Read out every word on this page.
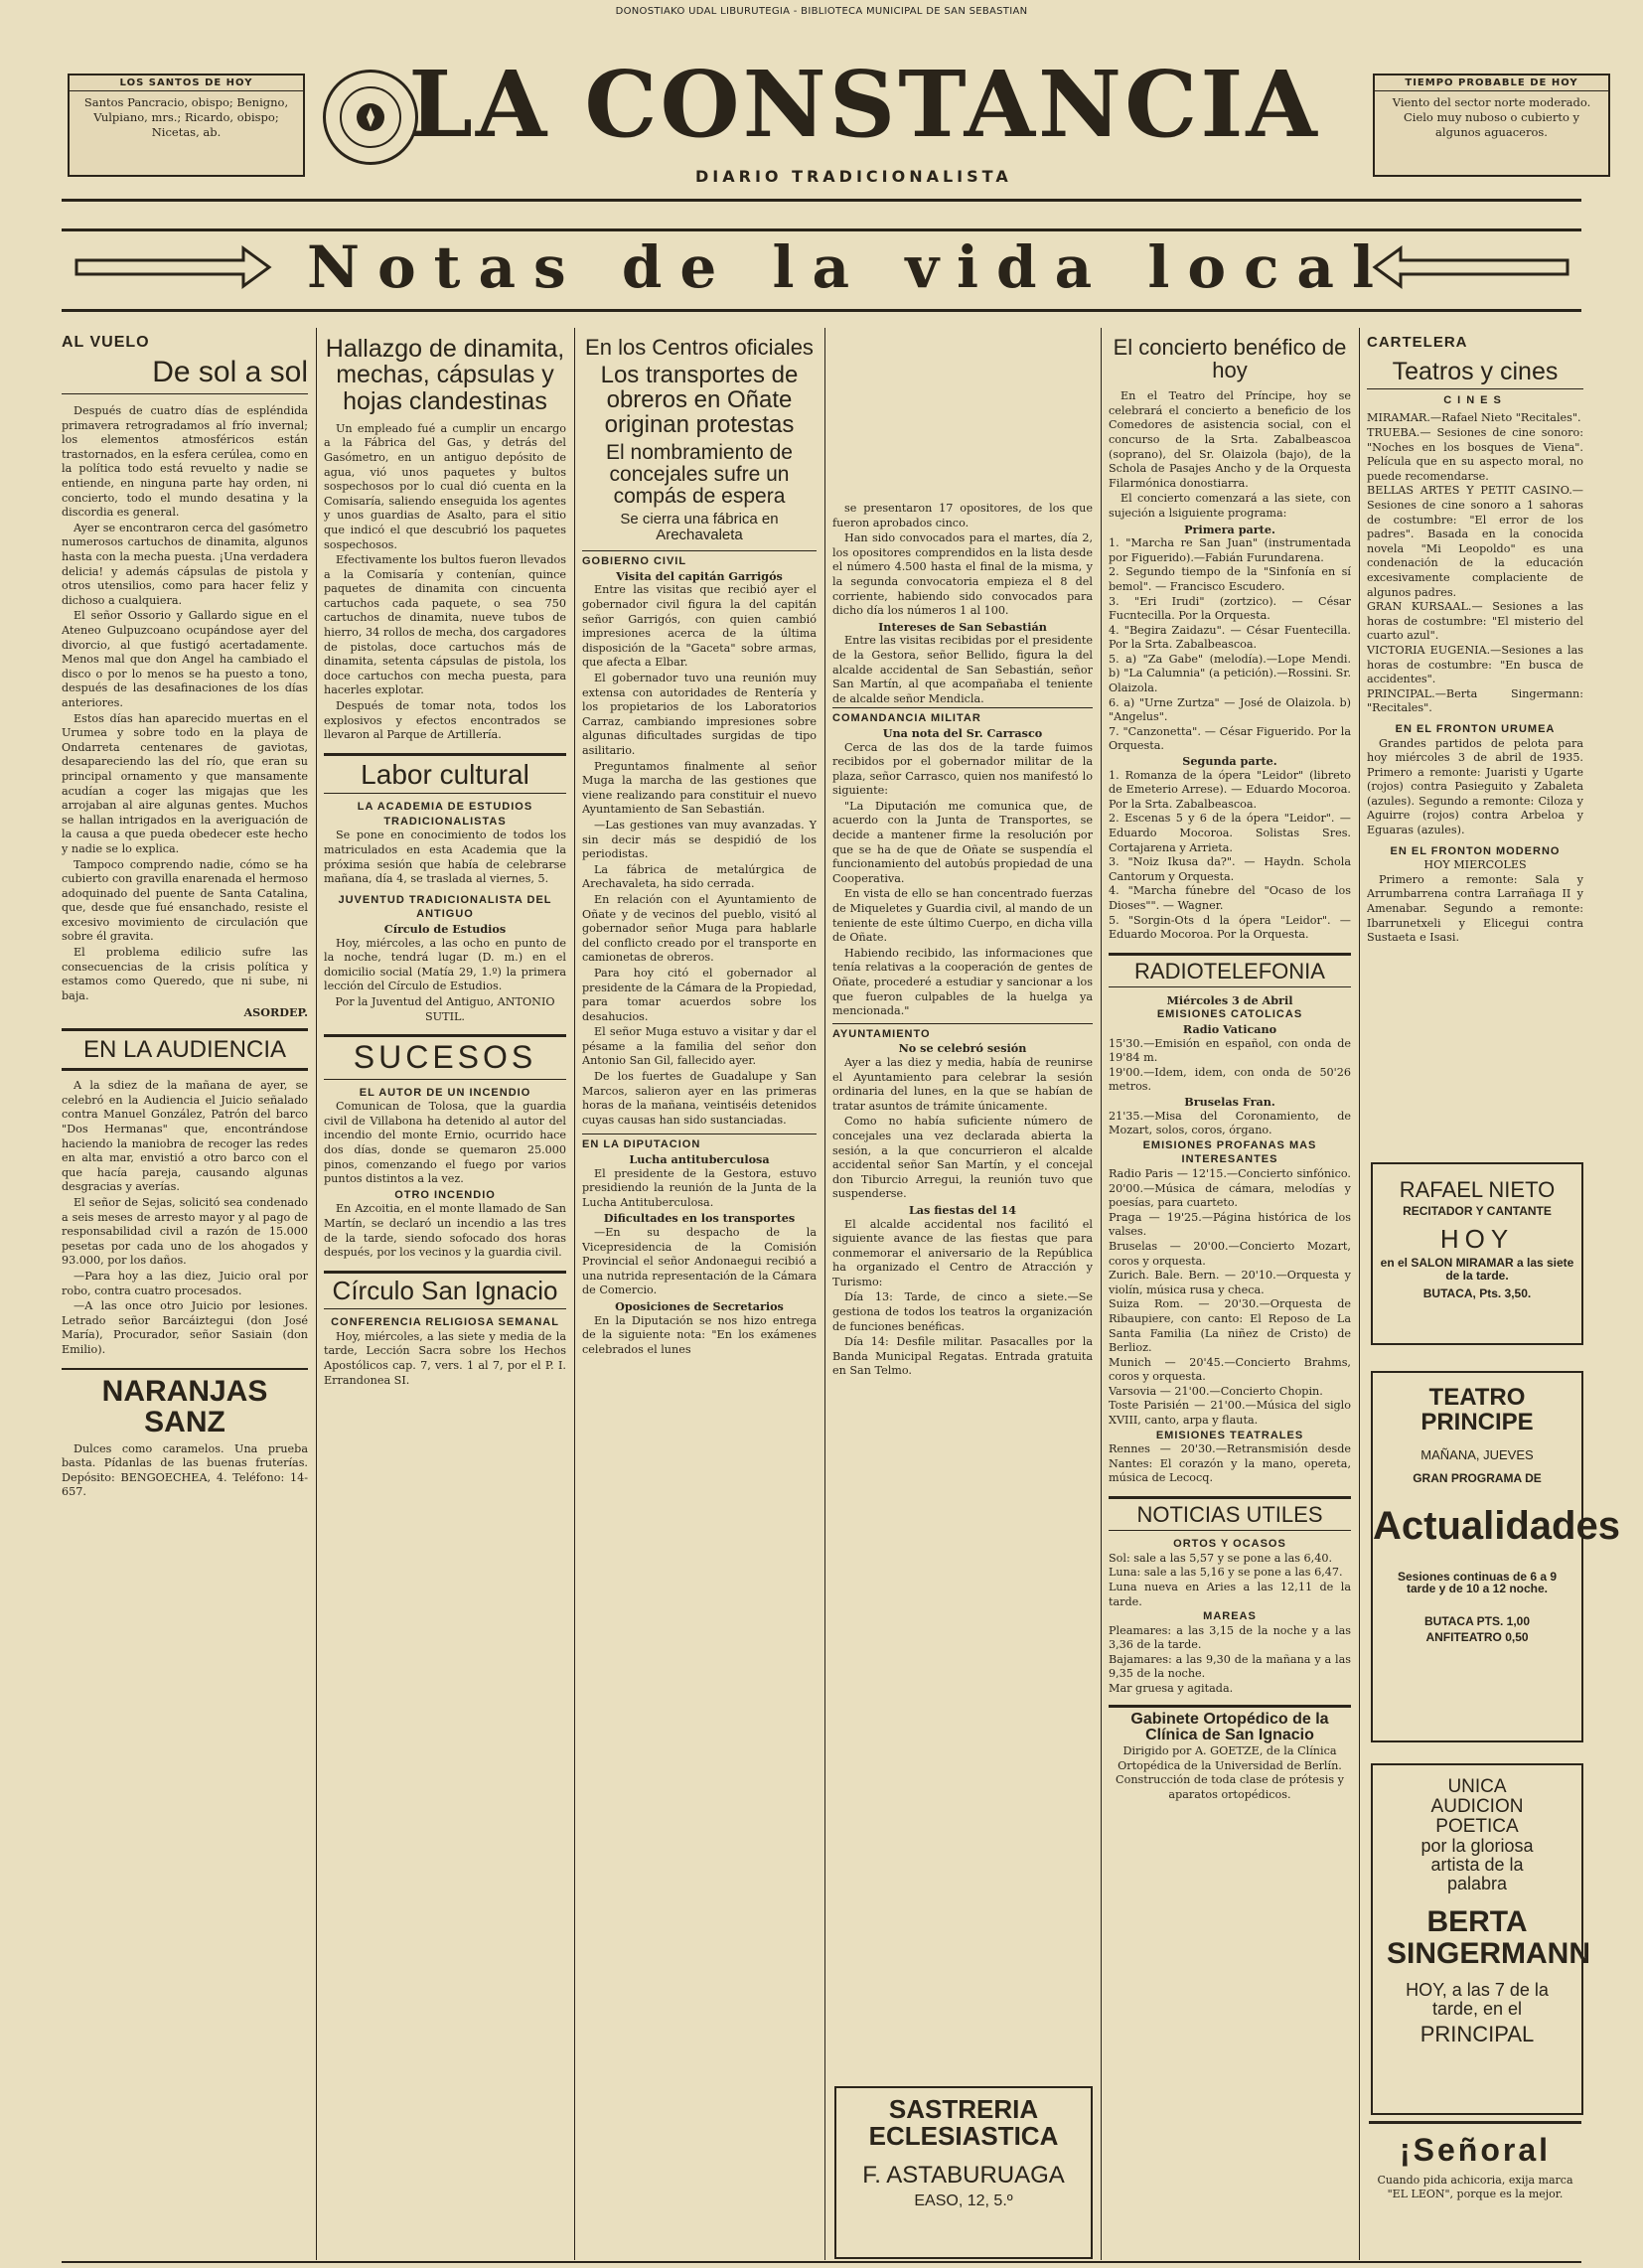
DONOSTIAKO UDAL LIBURUTEGIA - BIBLIOTECA MUNICIPAL DE SAN SEBASTIAN
LOS SANTOS DE HOY
Santos Pancracio, obispo; Benigno, Vulpiano, mrs.; Ricardo, obispo; Nicetas, ab.
TIEMPO PROBABLE DE HOY
Viento del sector norte moderado. Cielo muy nuboso o cubierto y algunos aguaceros.
LA CONSTANCIA
DIARIO TRADICIONALISTA
Notas de la vida local
AL VUELO
De sol a sol

Después de cuatro días de espléndida primavera retrogradamos al frío invernal; los elementos atmosféricos están trastornados, en la esfera cerúlea, como en la política todo está revuelto y nadie se entiende, en ninguna parte hay orden, ni concierto, todo el mundo desatina y la discordia es general.

Ayer se encontraron cerca del gasómetro numerosos cartuchos de dinamita, algunos hasta con la mecha puesta. ¡Una verdadera delicia! y además cápsulas de pistola y otros utensilios, como para hacer feliz y dichoso a cualquiera.

El señor Ossorio y Gallardo sigue en el Ateneo Gulpuzcoano ocupándose ayer del divorcio, al que fustigó acertadamente. Menos mal que don Angel ha cambiado el disco o por lo menos se ha puesto a tono, después de las desafinaciones de los días anteriores.

Estos días han aparecido muertas en el Urumea y sobre todo en la playa de Ondarreta centenares de gaviotas, desapareciendo las del río, que eran su principal ornamento y que mansamente acudían a coger las migajas que les arrojaban al aire algunas gentes. Muchos se hallan intrigados en la averiguación de la causa a que pueda obedecer este hecho y nadie se lo explica.

Tampoco comprendo nadie, cómo se ha cubierto con gravilla enarenada el hermoso adoquinado del puente de Santa Catalina, que, desde que fué ensanchado, resiste el excesivo movimiento de circulación que sobre él gravita.

El problema edilicio sufre las consecuencias de la crisis política y estamos como Queredo, que ni sube, ni baja.

ASORDEP.
EN LA AUDIENCIA

A la sdiez de la mañana de ayer, se celebró en la Audiencia el Juicio señalado contra Manuel González, Patrón del barco "Dos Hermanas" que, encontrándose haciendo la maniobra de recoger las redes en alta mar, envistió a otro barco con el que hacía pareja, causando algunas desgracias y averías.

El señor de Sejas, solicitó sea condenado a seis meses de arresto mayor y al pago de responsabilidad civil a razón de 15.000 pesetas por cada uno de los ahogados y 93.000, por los daños.

—Para hoy a las diez, Juicio oral por robo, contra cuatro procesados.

—A las once otro Juicio por lesiones. Letrado señor Barcáiztegui (don José María), Procurador, señor Sasiain (don Emilio).

NARANJAS SANZ

Dulces como caramelos. Una prueba basta. Pídanlas de las buenas fruterías. Depósito: BENGOECHEA, 4. Teléfono: 14-657.

Hallazgo de dinamita, mechas, cápsulas y hojas clandestinas

Un empleado fué a cumplir un encargo a la Fábrica del Gas, y detrás del Gasómetro, en un antiguo depósito de agua, vió unos paquetes y bultos sospechosos por lo cual dió cuenta en la Comisaría, saliendo enseguida los agentes y unos guardias de Asalto, para el sitio que indicó el que descubrió los paquetes sospechosos.

Efectivamente los bultos fueron llevados a la Comisaría y contenían, quince paquetes de dinamita con cincuenta cartuchos cada paquete, o sea 750 cartuchos de dinamita, nueve tubos de hierro, 34 rollos de mecha, dos cargadores de pistolas, doce cartuchos más de dinamita, setenta cápsulas de pistola, los doce cartuchos con mecha puesta, para hacerles explotar.

Después de tomar nota, todos los explosivos y efectos encontrados se llevaron al Parque de Artillería.

Labor cultural
LA ACADEMIA DE ESTUDIOS TRADICIONALISTAS

Se pone en conocimiento de todos los matriculados en esta Academia que la próxima sesión que había de celebrarse mañana, día 4, se traslada al viernes, 5.

JUVENTUD TRADICIONALISTA DEL ANTIGUO
Círculo de Estudios

Hoy, miércoles, a las ocho en punto de la noche, tendrá lugar (D. m.) en el domicilio social (Matía 29, 1.º) la primera lección del Círculo de Estudios.

Por la Juventud del Antiguo, ANTONIO SUTIL.
SUCESOS
EL AUTOR DE UN INCENDIO

Comunican de Tolosa, que la guardia civil de Villabona ha detenido al autor del incendio del monte Ernio, ocurrido hace dos días, donde se quemaron 25.000 pinos, comenzando el fuego por varios puntos distintos a la vez.

OTRO INCENDIO

En Azcoitia, en el monte llamado de San Martín, se declaró un incendio a las tres de la tarde, siendo sofocado dos horas después, por los vecinos y la guardia civil.

Círculo San Ignacio
CONFERENCIA RELIGIOSA SEMANAL

Hoy, miércoles, a las siete y media de la tarde, Lección Sacra sobre los Hechos Apostólicos cap. 7, vers. 1 al 7, por el P. I. Errandonea SI.

En los Centros oficiales
Los transportes de obreros en Oñate originan protestas
El nombramiento de concejales sufre un compás de espera
Se cierra una fábrica en Arechavaleta
GOBIERNO CIVIL
Visita del capitán Garrigós

Entre las visitas que recibió ayer el gobernador civil figura la del capitán señor Garrigós, con quien cambió impresiones acerca de la última disposición de la "Gaceta" sobre armas, que afecta a Elbar.

El gobernador tuvo una reunión muy extensa con autoridades de Rentería y los propietarios de los Laboratorios Carraz, cambiando impresiones sobre algunas dificultades surgidas de tipo asilitario.

Preguntamos finalmente al señor Muga la marcha de las gestiones que viene realizando para constituir el nuevo Ayuntamiento de San Sebastián.

—Las gestiones van muy avanzadas. Y sin decir más se despidió de los periodistas.

La fábrica de metalúrgica de Arechavaleta, ha sido cerrada.

En relación con el Ayuntamiento de Oñate y de vecinos del pueblo, visitó al gobernador señor Muga para hablarle del conflicto creado por el transporte en camionetas de obreros.

Para hoy citó el gobernador al presidente de la Cámara de la Propiedad, para tomar acuerdos sobre los desahucios.

El señor Muga estuvo a visitar y dar el pésame a la familia del señor don Antonio San Gil, fallecido ayer.

De los fuertes de Guadalupe y San Marcos, salieron ayer en las primeras horas de la mañana, veintiséis detenidos cuyas causas han sido sustanciadas.

EN LA DIPUTACION
Lucha antituberculosa

El presidente de la Gestora, estuvo presidiendo la reunión de la Junta de la Lucha Antituberculosa.

Dificultades en los transportes

—En su despacho de la Vicepresidencia de la Comisión Provincial el señor Andonaegui recibió a una nutrida representación de la Cámara de Comercio.

Oposiciones de Secretarios

En la Diputación se nos hizo entrega de la siguiente nota: "En los exámenes celebrados el lunes

se presentaron 17 opositores, de los que fueron aprobados cinco.

Han sido convocados para el martes, día 2, los opositores comprendidos en la lista desde el número 4.500 hasta el final de la misma, y la segunda convocatoria empieza el 8 del corriente, habiendo sido convocados para dicho día los números 1 al 100.

Intereses de San Sebastián

Entre las visitas recibidas por el presidente de la Gestora, señor Bellido, figura la del alcalde accidental de San Sebastián, señor San Martín, al que acompañaba el teniente de alcalde señor Mendicla.

COMANDANCIA MILITAR
Una nota del Sr. Carrasco

Cerca de las dos de la tarde fuimos recibidos por el gobernador militar de la plaza, señor Carrasco, quien nos manifestó lo siguiente:

"La Diputación me comunica que, de acuerdo con la Junta de Transportes, se decide a mantener firme la resolución por que se ha de que de Oñate se suspendía el funcionamiento del autobús propiedad de una Cooperativa.

En vista de ello se han concentrado fuerzas de Miqueletes y Guardia civil, al mando de un teniente de este último Cuerpo, en dicha villa de Oñate.

Habiendo recibido, las informaciones que tenía relativas a la cooperación de gentes de Oñate, procederé a estudiar y sancionar a los que fueron culpables de la huelga ya mencionada."

AYUNTAMIENTO
No se celebró sesión

Ayer a las diez y media, había de reunirse el Ayuntamiento para celebrar la sesión ordinaria del lunes, en la que se habían de tratar asuntos de trámite únicamente.

Como no había suficiente número de concejales una vez declarada abierta la sesión, a la que concurrieron el alcalde accidental señor San Martín, y el concejal don Tiburcio Arregui, la reunión tuvo que suspenderse.

Las fiestas del 14

El alcalde accidental nos facilitó el siguiente avance de las fiestas que para conmemorar el aniversario de la República ha organizado el Centro de Atracción y Turismo:

Día 13: Tarde, de cinco a siete.—Se gestiona de todos los teatros la organización de funciones benéficas.

Día 14: Desfile militar. Pasacalles por la Banda Municipal Regatas. Entrada gratuita en San Telmo.

SASTRERIA ECLESIASTICA
F. ASTABURUAGA
EASO, 12, 5.º
El concierto benéfico de hoy

En el Teatro del Príncipe, hoy se celebrará el concierto a beneficio de los Comedores de asistencia social, con el concurso de la Srta. Zabalbeascoa (soprano), del Sr. Olaizola (bajo), de la Schola de Pasajes Ancho y de la Orquesta Filarmónica donostiarra.

El concierto comenzará a las siete, con sujeción a lsiguiente programa:

Primera parte.
1. "Marcha re San Juan" (instrumentada por Figuerido).—Fabián Furundarena.
2. Segundo tiempo de la "Sinfonía en sí bemol". — Francisco Escudero.
3. "Eri Irudi" (zortzico). — César Fucntecilla. Por la Orquesta.
4. "Begira Zaidazu". — César Fuentecilla. Por la Srta. Zabalbeascoa.
5. a) "Za Gabe" (melodía).—Lope Mendi. b) "La Calumnia" (a petición).—Rossini. Sr. Olaizola.
6. a) "Urne Zurtza" — José de Olaizola. b) "Angelus".
7. "Canzonetta". — César Figuerido. Por la Orquesta.
Segunda parte.
1. Romanza de la ópera "Leidor" (libreto de Emeterio Arrese). — Eduardo Mocoroa. Por la Srta. Zabalbeascoa.
2. Escenas 5 y 6 de la ópera "Leidor". — Eduardo Mocoroa. Solistas Sres. Cortajarena y Arrieta.
3. "Noiz Ikusa da?". — Haydn. Schola Cantorum y Orquesta.
4. "Marcha fúnebre del "Ocaso de los Dioses"". — Wagner.
5. "Sorgin-Ots d la ópera "Leidor". — Eduardo Mocoroa. Por la Orquesta.
RADIOTELEFONIA
Miércoles 3 de Abril
EMISIONES CATOLICAS
Radio Vaticano
15'30.—Emisión en español, con onda de 19'84 m.
19'00.—Idem, idem, con onda de 50'26 metros.
Bruselas Fran.
21'35.—Misa del Coronamiento, de Mozart, solos, coros, órgano.
EMISIONES PROFANAS MAS INTERESANTES
Radio Paris — 12'15.—Concierto sinfónico. 20'00.—Música de cámara, melodías y poesías, para cuarteto.
Praga — 19'25.—Página histórica de los valses.
Bruselas — 20'00.—Concierto Mozart, coros y orquesta.
Zurich. Bale. Bern. — 20'10.—Orquesta y violín, música rusa y checa.
Suiza Rom. — 20'30.—Orquesta de Ribaupiere, con canto: El Reposo de La Santa Familia (La niñez de Cristo) de Berlioz.
Munich — 20'45.—Concierto Brahms, coros y orquesta.
Varsovia — 21'00.—Concierto Chopin.
Toste Parisién — 21'00.—Música del siglo XVIII, canto, arpa y flauta.
EMISIONES TEATRALES
Rennes — 20'30.—Retransmisión desde Nantes: El corazón y la mano, opereta, música de Lecocq.
NOTICIAS UTILES
ORTOS Y OCASOS
Sol: sale a las 5,57 y se pone a las 6,40.
Luna: sale a las 5,16 y se pone a las 6,47.
Luna nueva en Aries a las 12,11 de la tarde.
MAREAS
Pleamares: a las 3,15 de la noche y a las 3,36 de la tarde.
Bajamares: a las 9,30 de la mañana y a las 9,35 de la noche.
Mar gruesa y agitada.
Gabinete Ortopédico de la Clínica de San Ignacio

Dirigido por A. GOETZE, de la Clínica Ortopédica de la Universidad de Berlín. Construcción de toda clase de prótesis y aparatos ortopédicos.

CARTELERA
Teatros y cines
CINES
MIRAMAR.—Rafael Nieto "Recitales".
TRUEBA.— Sesiones de cine sonoro: "Noches en los bosques de Viena". Película que en su aspecto moral, no puede recomendarse.
BELLAS ARTES Y PETIT CASINO.— Sesiones de cine sonoro a 1 sahoras de costumbre: "El error de los padres". Basada en la conocida novela "Mi Leopoldo" es una condenación de la educación excesivamente complaciente de algunos padres.
GRAN KURSAAL.— Sesiones a las horas de costumbre: "El misterio del cuarto azul".
VICTORIA EUGENIA.—Sesiones a las horas de costumbre: "En busca de accidentes".
PRINCIPAL.—Berta Singermann: "Recitales".
EN EL FRONTON URUMEA

Grandes partidos de pelota para hoy miércoles 3 de abril de 1935. Primero a remonte: Juaristi y Ugarte (rojos) contra Pasieguito y Zabaleta (azules). Segundo a remonte: Ciloza y Aguirre (rojos) contra Arbeloa y Eguaras (azules).

EN EL FRONTON MODERNO
HOY MIERCOLES

Primero a remonte: Sala y Arrumbarrena contra Larrañaga II y Amenabar. Segundo a remonte: Ibarrunetxeli y Elicegui contra Sustaeta e Isasi.

RAFAEL NIETO
RECITADOR Y CANTANTE
HOY
en el SALON MIRAMAR a las siete de la tarde.
BUTACA, Pts. 3,50.
TEATRO PRINCIPE
MAÑANA, JUEVES
GRAN PROGRAMA DE
Actualidades
Sesiones continuas de 6 a 9 tarde y de 10 a 12 noche.
BUTACA PTS. 1,00
ANFITEATRO 0,50
UNICA
AUDICION
POETICA
por la gloriosa
artista de la
palabra
BERTA SINGERMANN
HOY, a las 7 de la tarde, en el
PRINCIPAL
¡Señoral
Cuando pida achicoria, exija marca "EL LEON", porque es la mejor.
